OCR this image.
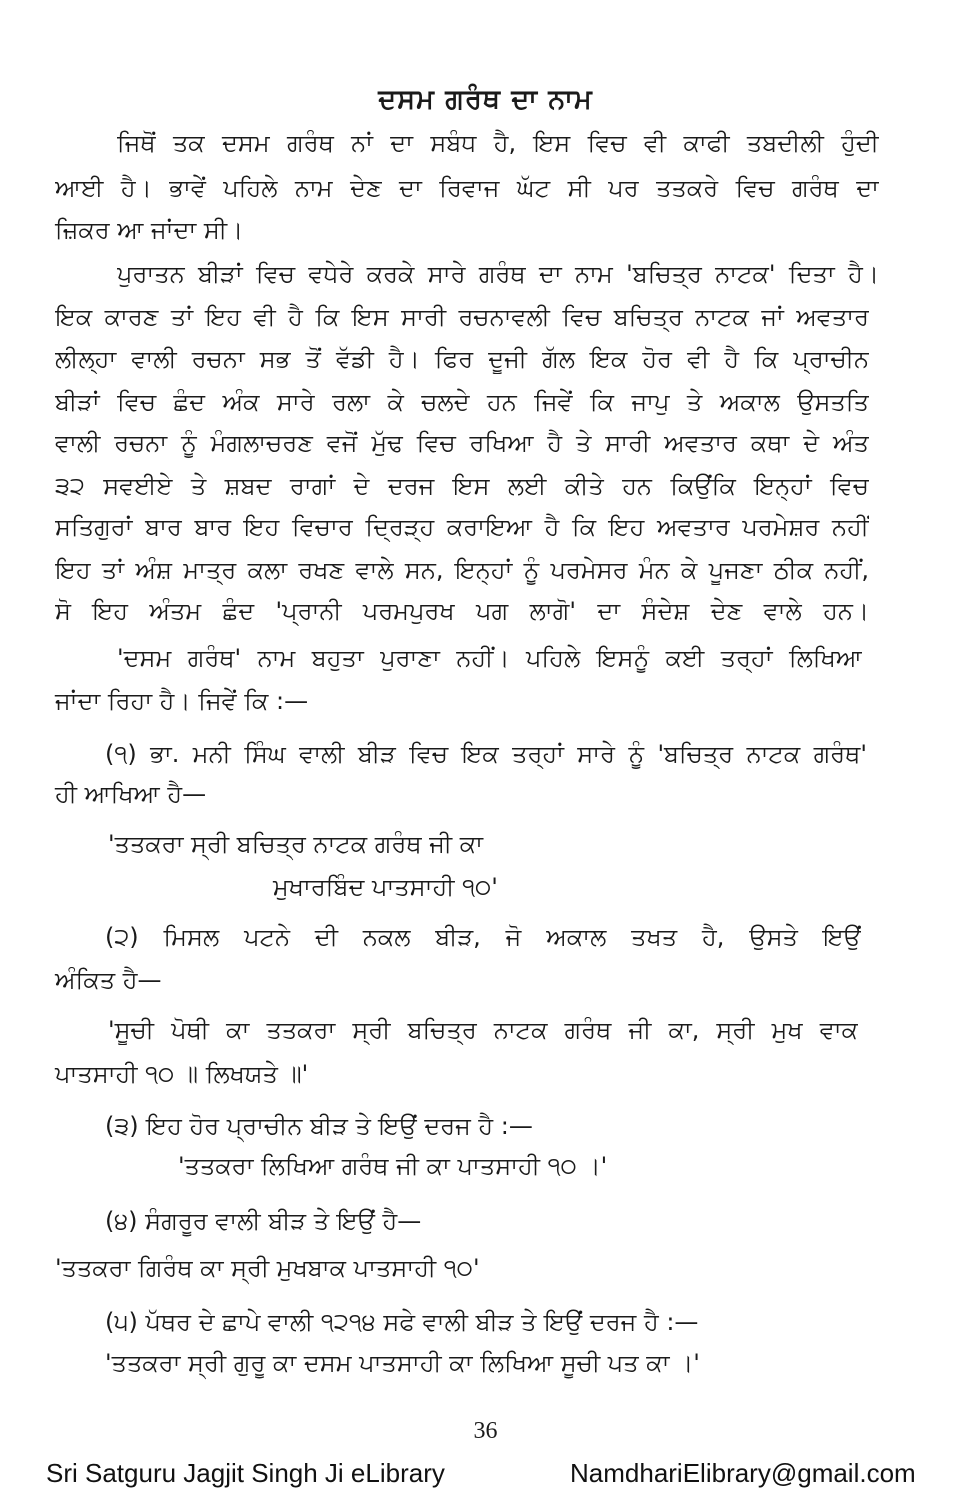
ਦਸਮ ਗਰੰਥ ਦਾ ਨਾਮ
ਜਿਥੋਂ ਤਕ ਦਸਮ ਗਰੰਥ ਨਾਂ ਦਾ ਸਬੰਧ ਹੈ, ਇਸ ਵਿਚ ਵੀ ਕਾਫੀ ਤਬਦੀਲੀ ਹੁੰਦੀ
ਆਈ ਹੈ। ਭਾਵੇਂ ਪਹਿਲੇ ਨਾਮ ਦੇਣ ਦਾ ਰਿਵਾਜ ਘੱਟ ਸੀ ਪਰ ਤਤਕਰੇ ਵਿਚ ਗਰੰਥ ਦਾ
ਜ਼ਿਕਰ ਆ ਜਾਂਦਾ ਸੀ।
ਪੁਰਾਤਨ ਬੀੜਾਂ ਵਿਚ ਵਧੇਰੇ ਕਰਕੇ ਸਾਰੇ ਗਰੰਥ ਦਾ ਨਾਮ 'ਬਚਿਤ੍ਰ ਨਾਟਕ' ਦਿਤਾ ਹੈ।
ਇਕ ਕਾਰਣ ਤਾਂ ਇਹ ਵੀ ਹੈ ਕਿ ਇਸ ਸਾਰੀ ਰਚਨਾਵਲੀ ਵਿਚ ਬਚਿਤ੍ਰ ਨਾਟਕ ਜਾਂ ਅਵਤਾਰ
ਲੀਲ੍ਹਾ ਵਾਲੀ ਰਚਨਾ ਸਭ ਤੋਂ ਵੱਡੀ ਹੈ। ਫਿਰ ਦੂਜੀ ਗੱਲ ਇਕ ਹੋਰ ਵੀ ਹੈ ਕਿ ਪ੍ਰਾਚੀਨ
ਬੀੜਾਂ ਵਿਚ ਛੰਦ ਅੰਕ ਸਾਰੇ ਰਲਾ ਕੇ ਚਲਦੇ ਹਨ ਜਿਵੇਂ ਕਿ ਜਾਪੁ ਤੇ ਅਕਾਲ ਉਸਤਤਿ
ਵਾਲੀ ਰਚਨਾ ਨੂੰ ਮੰਗਲਾਚਰਣ ਵਜੋਂ ਮੁੱਢ ਵਿਚ ਰਖਿਆ ਹੈ ਤੇ ਸਾਰੀ ਅਵਤਾਰ ਕਥਾ ਦੇ ਅੰਤ
੩੨ ਸਵਈਏ ਤੇ ਸ਼ਬਦ ਰਾਗਾਂ ਦੇ ਦਰਜ ਇਸ ਲਈ ਕੀਤੇ ਹਨ ਕਿਉਂਕਿ ਇਨ੍ਹਾਂ ਵਿਚ
ਸਤਿਗੁਰਾਂ ਬਾਰ ਬਾਰ ਇਹ ਵਿਚਾਰ ਦ੍ਰਿੜ੍ਹ ਕਰਾਇਆ ਹੈ ਕਿ ਇਹ ਅਵਤਾਰ ਪਰਮੇਸ਼ਰ ਨਹੀਂ
ਇਹ ਤਾਂ ਅੰਸ਼ ਮਾਤ੍ਰ ਕਲਾ ਰਖਣ ਵਾਲੇ ਸਨ, ਇਨ੍ਹਾਂ ਨੂੰ ਪਰਮੇਸਰ ਮੰਨ ਕੇ ਪੂਜਣਾ ਠੀਕ ਨਹੀਂ,
ਸੋ ਇਹ ਅੰਤਮ ਛੰਦ 'ਪ੍ਰਾਨੀ ਪਰਮਪੁਰਖ ਪਗ ਲਾਗੋ' ਦਾ ਸੰਦੇਸ਼ ਦੇਣ ਵਾਲੇ ਹਨ।
'ਦਸਮ ਗਰੰਥ' ਨਾਮ ਬਹੁਤਾ ਪੁਰਾਣਾ ਨਹੀਂ। ਪਹਿਲੇ ਇਸਨੂੰ ਕਈ ਤਰ੍ਹਾਂ ਲਿਖਿਆ
ਜਾਂਦਾ ਰਿਹਾ ਹੈ। ਜਿਵੇਂ ਕਿ :—
(੧) ਭਾ. ਮਨੀ ਸਿੰਘ ਵਾਲੀ ਬੀੜ ਵਿਚ ਇਕ ਤਰ੍ਹਾਂ ਸਾਰੇ ਨੂੰ 'ਬਚਿਤ੍ਰ ਨਾਟਕ ਗਰੰਥ'
ਹੀ ਆਖਿਆ ਹੈ—
'ਤਤਕਰਾ ਸ੍ਰੀ ਬਚਿਤ੍ਰ ਨਾਟਕ ਗਰੰਥ ਜੀ ਕਾ
ਮੁਖਾਰਬਿੰਦ ਪਾਤਸਾਹੀ ੧੦'
(੨) ਮਿਸਲ ਪਟਨੇ ਦੀ ਨਕਲ ਬੀੜ, ਜੋ ਅਕਾਲ ਤਖਤ ਹੈ, ਉਸਤੇ ਇਉਂ
ਅੰਕਿਤ ਹੈ—
'ਸੂਚੀ ਪੋਥੀ ਕਾ ਤਤਕਰਾ ਸ੍ਰੀ ਬਚਿਤ੍ਰ ਨਾਟਕ ਗਰੰਥ ਜੀ ਕਾ, ਸ੍ਰੀ ਮੁਖ ਵਾਕ
ਪਾਤਸਾਹੀ ੧੦ ॥ ਲਿਖਯਤੇ ॥'
(੩) ਇਹ ਹੋਰ ਪ੍ਰਾਚੀਨ ਬੀੜ ਤੇ ਇਉਂ ਦਰਜ ਹੈ :—
'ਤਤਕਰਾ ਲਿਖਿਆ ਗਰੰਥ ਜੀ ਕਾ ਪਾਤਸਾਹੀ ੧੦ ।'
(੪) ਸੰਗਰੂਰ ਵਾਲੀ ਬੀੜ ਤੇ ਇਉਂ ਹੈ—
'ਤਤਕਰਾ ਗਿਰੰਥ ਕਾ ਸ੍ਰੀ ਮੁਖਬਾਕ ਪਾਤਸਾਹੀ ੧੦'
(੫) ਪੱਥਰ ਦੇ ਛਾਪੇ ਵਾਲੀ ੧੨੧੪ ਸਫੇ ਵਾਲੀ ਬੀੜ ਤੇ ਇਉਂ ਦਰਜ ਹੈ :—
'ਤਤਕਰਾ ਸ੍ਰੀ ਗੁਰੂ ਕਾ ਦਸਮ ਪਾਤਸਾਹੀ ਕਾ ਲਿਖਿਆ ਸੂਚੀ ਪਤ ਕਾ ।'
36
Sri Satguru Jagjit Singh Ji eLibrary	NamdhariElibrary@gmail.com
